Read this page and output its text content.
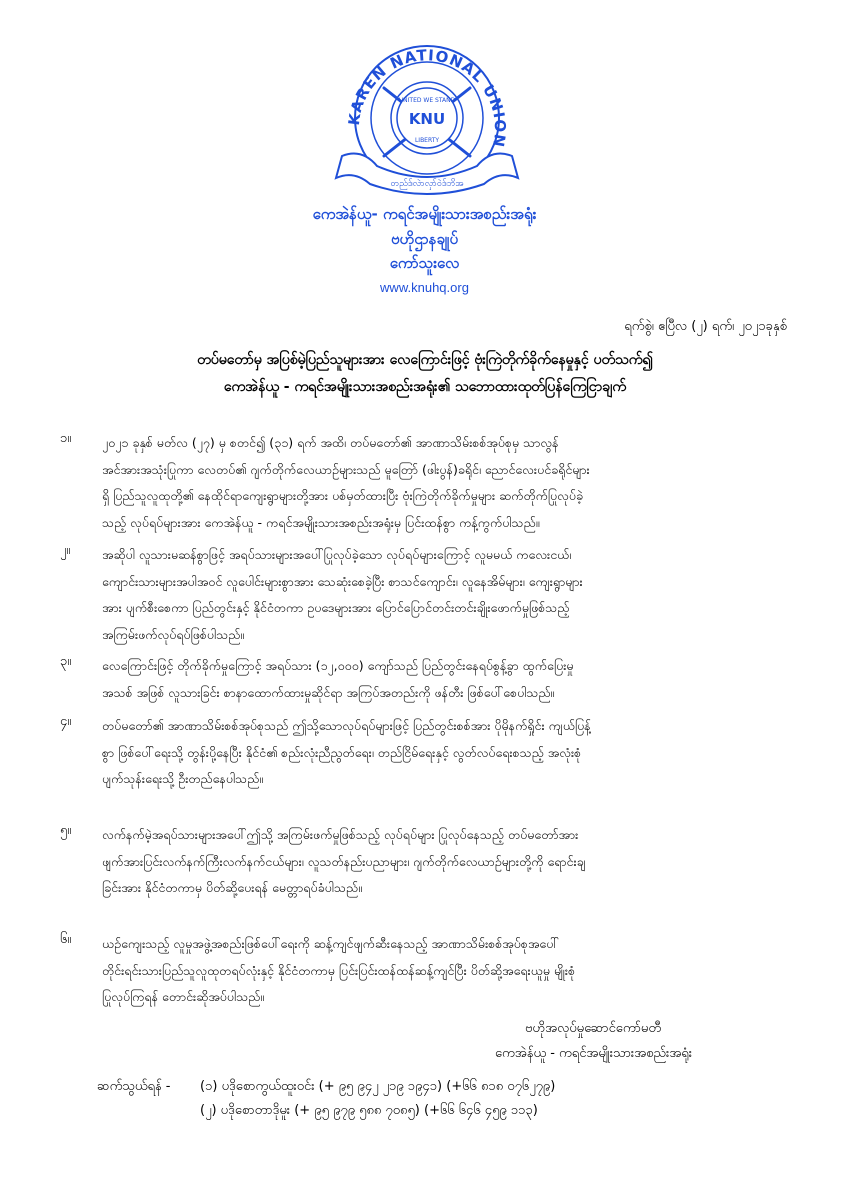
KAREN NATIONAL UNION
KNU
UNITED WE STAND
LIBERTY
တည်ဒ်လဲာလှာ်ဝဲဒ်ဘိအ
ကေအဲန်ယူ- ကရင်အမျိုးသားအစည်းအရုံး
ဗဟိုဌာနချုပ်
ကော်သူးလေ
www.knuhq.org
ရက်စွဲ၊ ဧပြီလ (၂) ရက်၊ ၂၀၂၁ခုနှစ်
တပ်မတော်မှ အပြစ်မဲ့ပြည်သူများအား လေကြောင်းဖြင့် ဗုံးကြဲတိုက်ခိုက်နေမှုနှင့် ပတ်သက်၍
ကေအဲန်ယူ - ကရင်အမျိုးသားအစည်းအရုံး၏ သဘောထားထုတ်ပြန်ကြေငြာချက်
၁။ ၂၀၂၁ ခုနှစ် မတ်လ (၂၇) မှ စတင်၍ (၃၁) ရက် အထိ၊ တပ်မတော်၏ အာဏာသိမ်းစစ်အုပ်စုမှ သာလွန်
အင်အားအသုံးပြုကာ လေတပ်၏ ဂျက်တိုက်လေယာဉ်များသည် မူတြော် (ဖါးပွန်)ခရိုင်၊ ညောင်လေးပင်ခရိုင်များ
ရှိ ပြည်သူလူထုတို့၏ နေထိုင်ရာကျေးရွာများတို့အား ပစ်မှတ်ထားပြီး ဗုံးကြဲတိုက်ခိုက်မှုများ ဆက်တိုက်ပြုလုပ်ခဲ့
သည့် လုပ်ရပ်များအား ကေအဲန်ယူ - ကရင်အမျိုးသားအစည်းအရုံးမှ ပြင်းထန်စွာ ကန့်ကွက်ပါသည်။
၂။	အဆိုပါ လူသားမဆန်စွာဖြင့် အရပ်သားများအပေါ်ပြုလုပ်ခဲ့သော လုပ်ရပ်များကြောင့် လူမမယ် ကလေးငယ်၊
ကျောင်းသားများအပါအဝင် လူပေါင်းများစွာအား သေဆုံးစေခဲ့ပြီး စာသင်ကျောင်း၊ လူနေအိမ်များ၊ ကျေးရွာများ
အား ပျက်စီးစေကာ ပြည်တွင်းနှင့် နိုင်ငံတကာ ဥပဒေများအား ပြောင်ပြောင်တင်းတင်းချိုးဖောက်မှုဖြစ်သည့်
အကြမ်းဖက်လုပ်ရပ်ဖြစ်ပါသည်။
၃။ လေကြောင်းဖြင့် တိုက်ခိုက်မှုကြောင့် အရပ်သား (၁၂,၀၀၀) ကျော်သည် ပြည်တွင်းနေရပ်စွန့်ခွာ ထွက်ပြေးမှု
အသစ် အဖြစ် လူသားခြင်း စာနာထောက်ထားမှုဆိုင်ရာ အကြပ်အတည်းကို ဖန်တီး ဖြစ်ပေါ်စေပါသည်။
၄။ တပ်မတော်၏ အာဏာသိမ်းစစ်အုပ်စုသည် ဤသို့သောလုပ်ရပ်များဖြင့် ပြည်တွင်းစစ်အား ပိုမိုနက်ရှိုင်း ကျယ်ပြန့်
စွာ ဖြစ်ပေါ်ရေးသို့ တွန်းပို့နေပြီး နိုင်ငံ၏ စည်းလုံးညီညွတ်ရေး၊ တည်ငြိမ်ရေးနှင့် လွတ်လပ်ရေးစသည့် အလုံးစုံ
ပျက်သုန်းရေးသို့ ဦးတည်နေပါသည်။
၅။ လက်နက်မဲ့အရပ်သားများအပေါ်ဤသို့ အကြမ်းဖက်မှုဖြစ်သည့် လုပ်ရပ်များ ပြုလုပ်နေသည့် တပ်မတော်အား
ဖျက်အားပြင်းလက်နက်ကြီးလက်နက်ငယ်များ၊ လူသတ်နည်းပညာများ၊ ဂျက်တိုက်လေယာဉ်များတို့ကို ရောင်းချ
ခြင်းအား နိုင်ငံတကာမှ ပိတ်ဆို့ပေးရန် မေတ္တာရပ်ခံပါသည်။
၆။ ယဉ်ကျေးသည့် လူမှုအဖွဲ့အစည်းဖြစ်ပေါ်ရေးကို ဆန့်ကျင်ဖျက်ဆီးနေသည့် အာဏာသိမ်းစစ်အုပ်စုအပေါ်
တိုင်းရင်းသားပြည်သူလူထုတရပ်လုံးနှင့် နိုင်ငံတကာမှ ပြင်းပြင်းထန်ထန်ဆန့်ကျင်ပြီး ပိတ်ဆို့အရေးယူမှု မျိုးစုံ
ပြုလုပ်ကြရန် တောင်းဆိုအပ်ပါသည်။
ဗဟိုအလုပ်မှုဆောင်ကော်မတီ
ကေအဲန်ယူ - ကရင်အမျိုးသားအစည်းအရုံး
ဆက်သွယ်ရန် - (၁) ပဒိုစောကွယ်ထူးဝင်း (+ ၉၅ ၉၄၂ ၂၁၉ ၁၉၄၁) (+၆၆ ၈၁၈ ၀၇၆၂၇၉)
(၂) ပဒိုစောတာဒိုမူး (+ ၉၅ ၉၇၉ ၅၈၈ ၇၀၈၅) (+၆၆ ၆၄၆ ၄၅၉ ၁၁၃)
